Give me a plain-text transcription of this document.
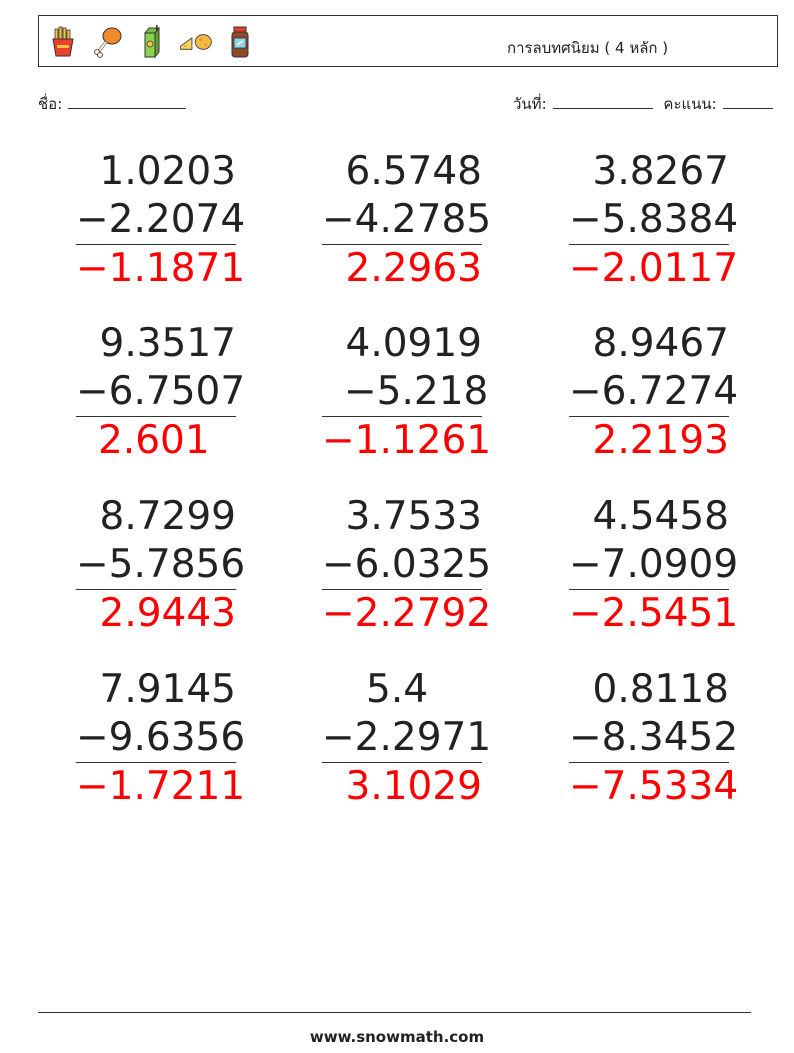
การลบทศนิยม ( 4 หลัก )
ชื่อ:	วันที่:	คะแนน:
1.0203
−2.2074
−1.1871
6.5748
−4.2785
2.2963
3.8267
−5.8384
−2.0117
9.3517
−6.7507
2.601
4.0919
−5.218
−1.1261
8.9467
−6.7274
2.2193
8.7299
−5.7856
2.9443
3.7533
−6.0325
−2.2792
4.5458
−7.0909
−2.5451
7.9145
−9.6356
−1.7211
5.4
−2.2971
3.1029
0.8118
−8.3452
−7.5334
www.snowmath.com
